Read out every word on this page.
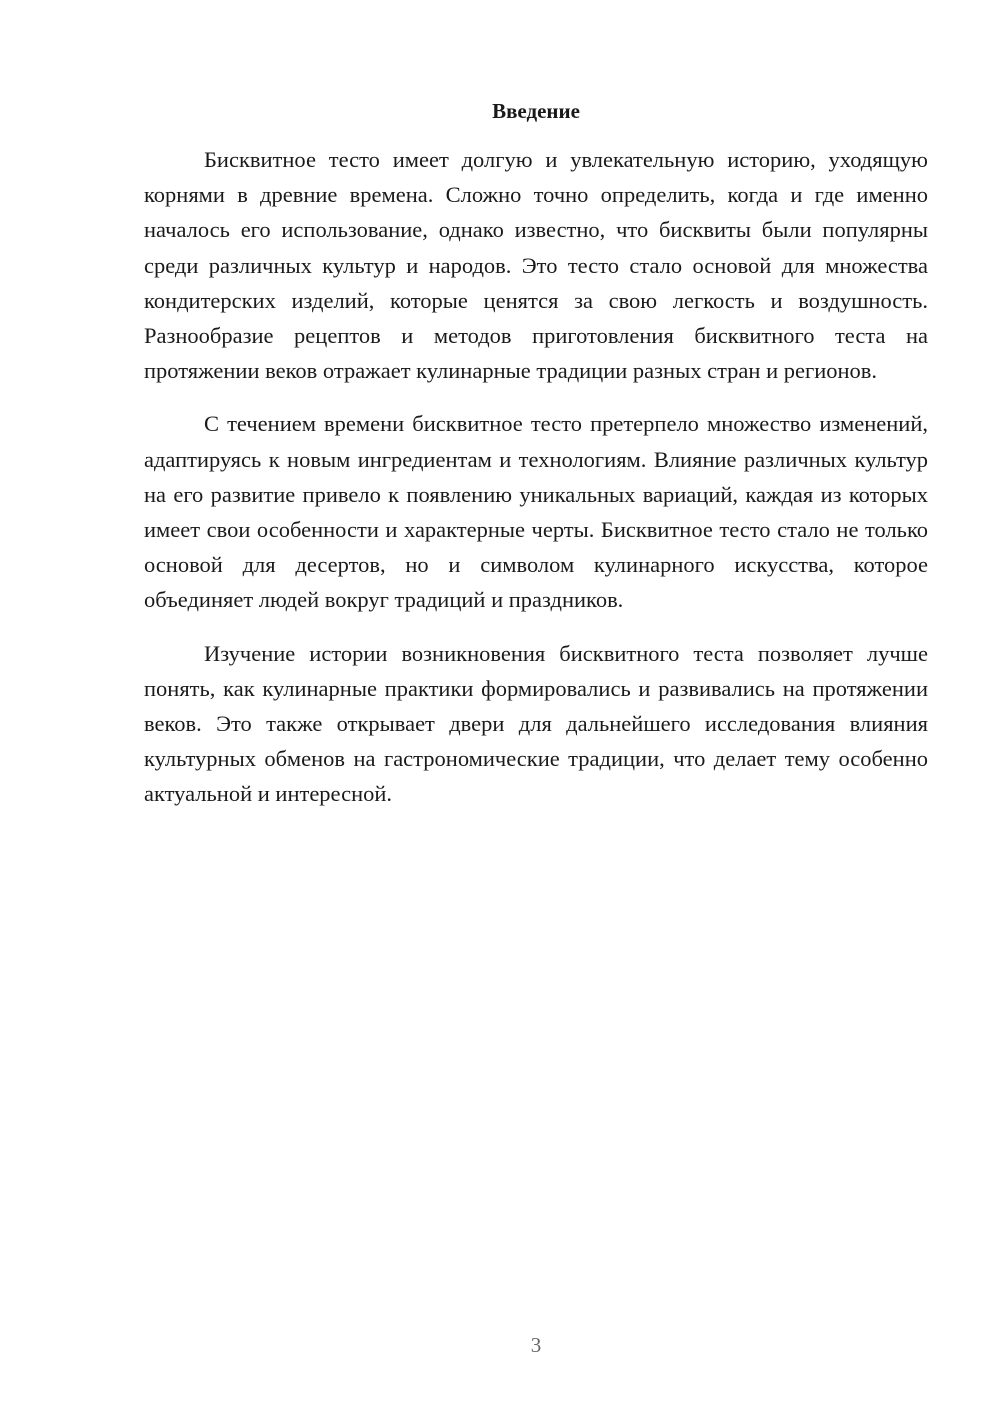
Введение

Бисквитное тесто имеет долгую и увлекательную историю, уходящую корнями в древние времена. Сложно точно определить, когда и где именно началось его использование, однако известно, что бисквиты были популярны среди различных культур и народов. Это тесто стало основой для множества кондитерских изделий, которые ценятся за свою легкость и воздушность. Разнообразие рецептов и методов приготовления бисквитного теста на протяжении веков отражает кулинарные традиции разных стран и регионов.

С течением времени бисквитное тесто претерпело множество изменений, адаптируясь к новым ингредиентам и технологиям. Влияние различных культур на его развитие привело к появлению уникальных вариаций, каждая из которых имеет свои особенности и характерные черты. Бисквитное тесто стало не только основой для десертов, но и символом кулинарного искусства, которое объединяет людей вокруг традиций и праздников.

Изучение истории возникновения бисквитного теста позволяет лучше понять, как кулинарные практики формировались и развивались на протяжении веков. Это также открывает двери для дальнейшего исследования влияния культурных обменов на гастрономические традиции, что делает тему особенно актуальной и интересной.

3
